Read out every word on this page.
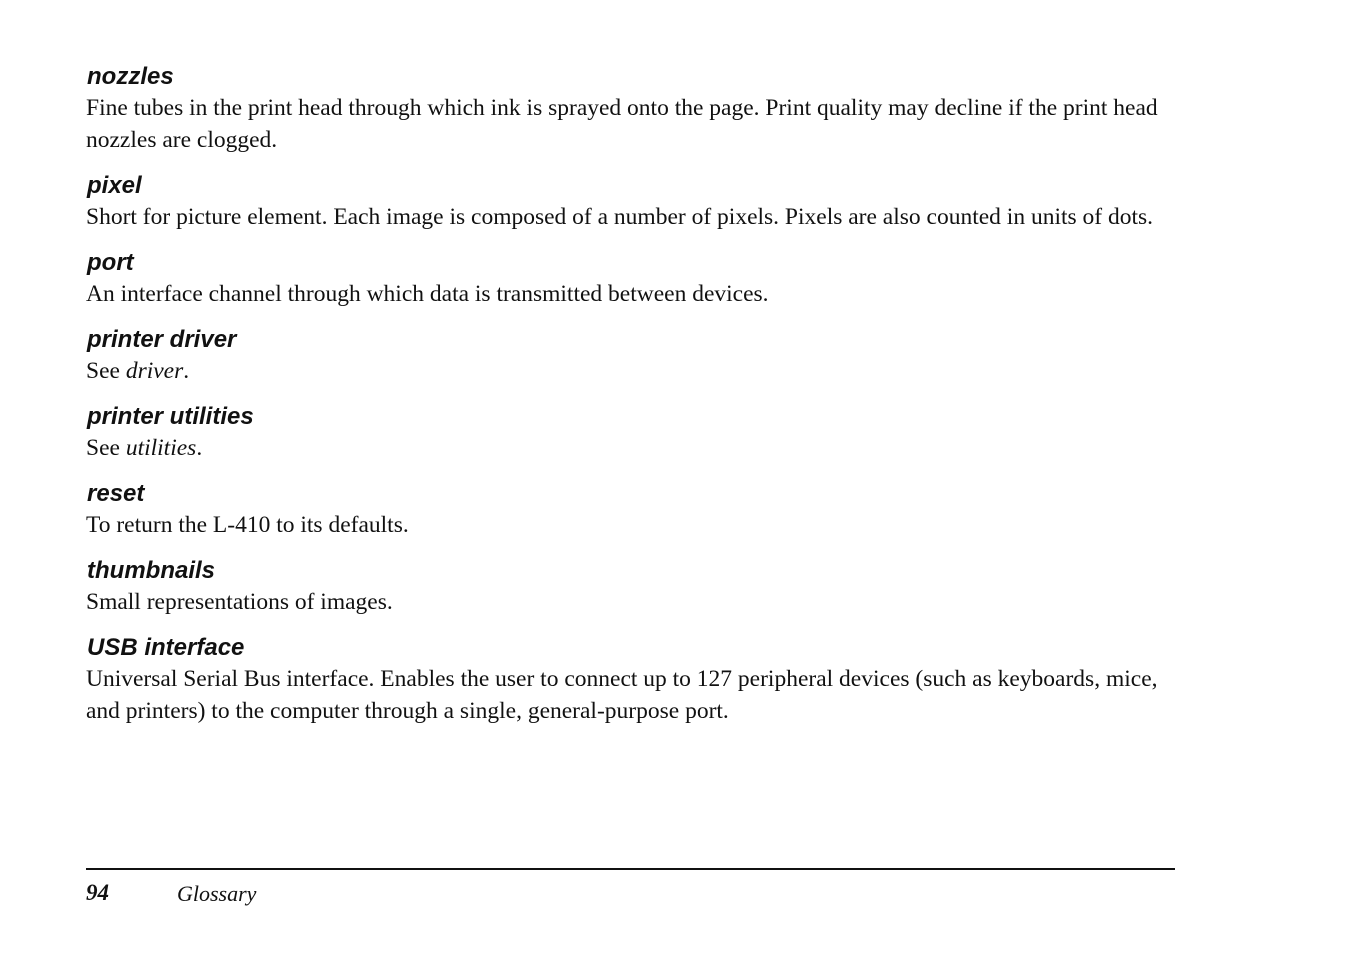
nozzles
Fine tubes in the print head through which ink is sprayed onto the page. Print quality may decline if the print head nozzles are clogged.
pixel
Short for picture element. Each image is composed of a number of pixels. Pixels are also counted in units of dots.
port
An interface channel through which data is transmitted between devices.
printer driver
See driver.
printer utilities
See utilities.
reset
To return the L-410 to its defaults.
thumbnails
Small representations of images.
USB interface
Universal Serial Bus interface. Enables the user to connect up to 127 peripheral devices (such as keyboards, mice, and printers) to the computer through a single, general-purpose port.
94	Glossary
